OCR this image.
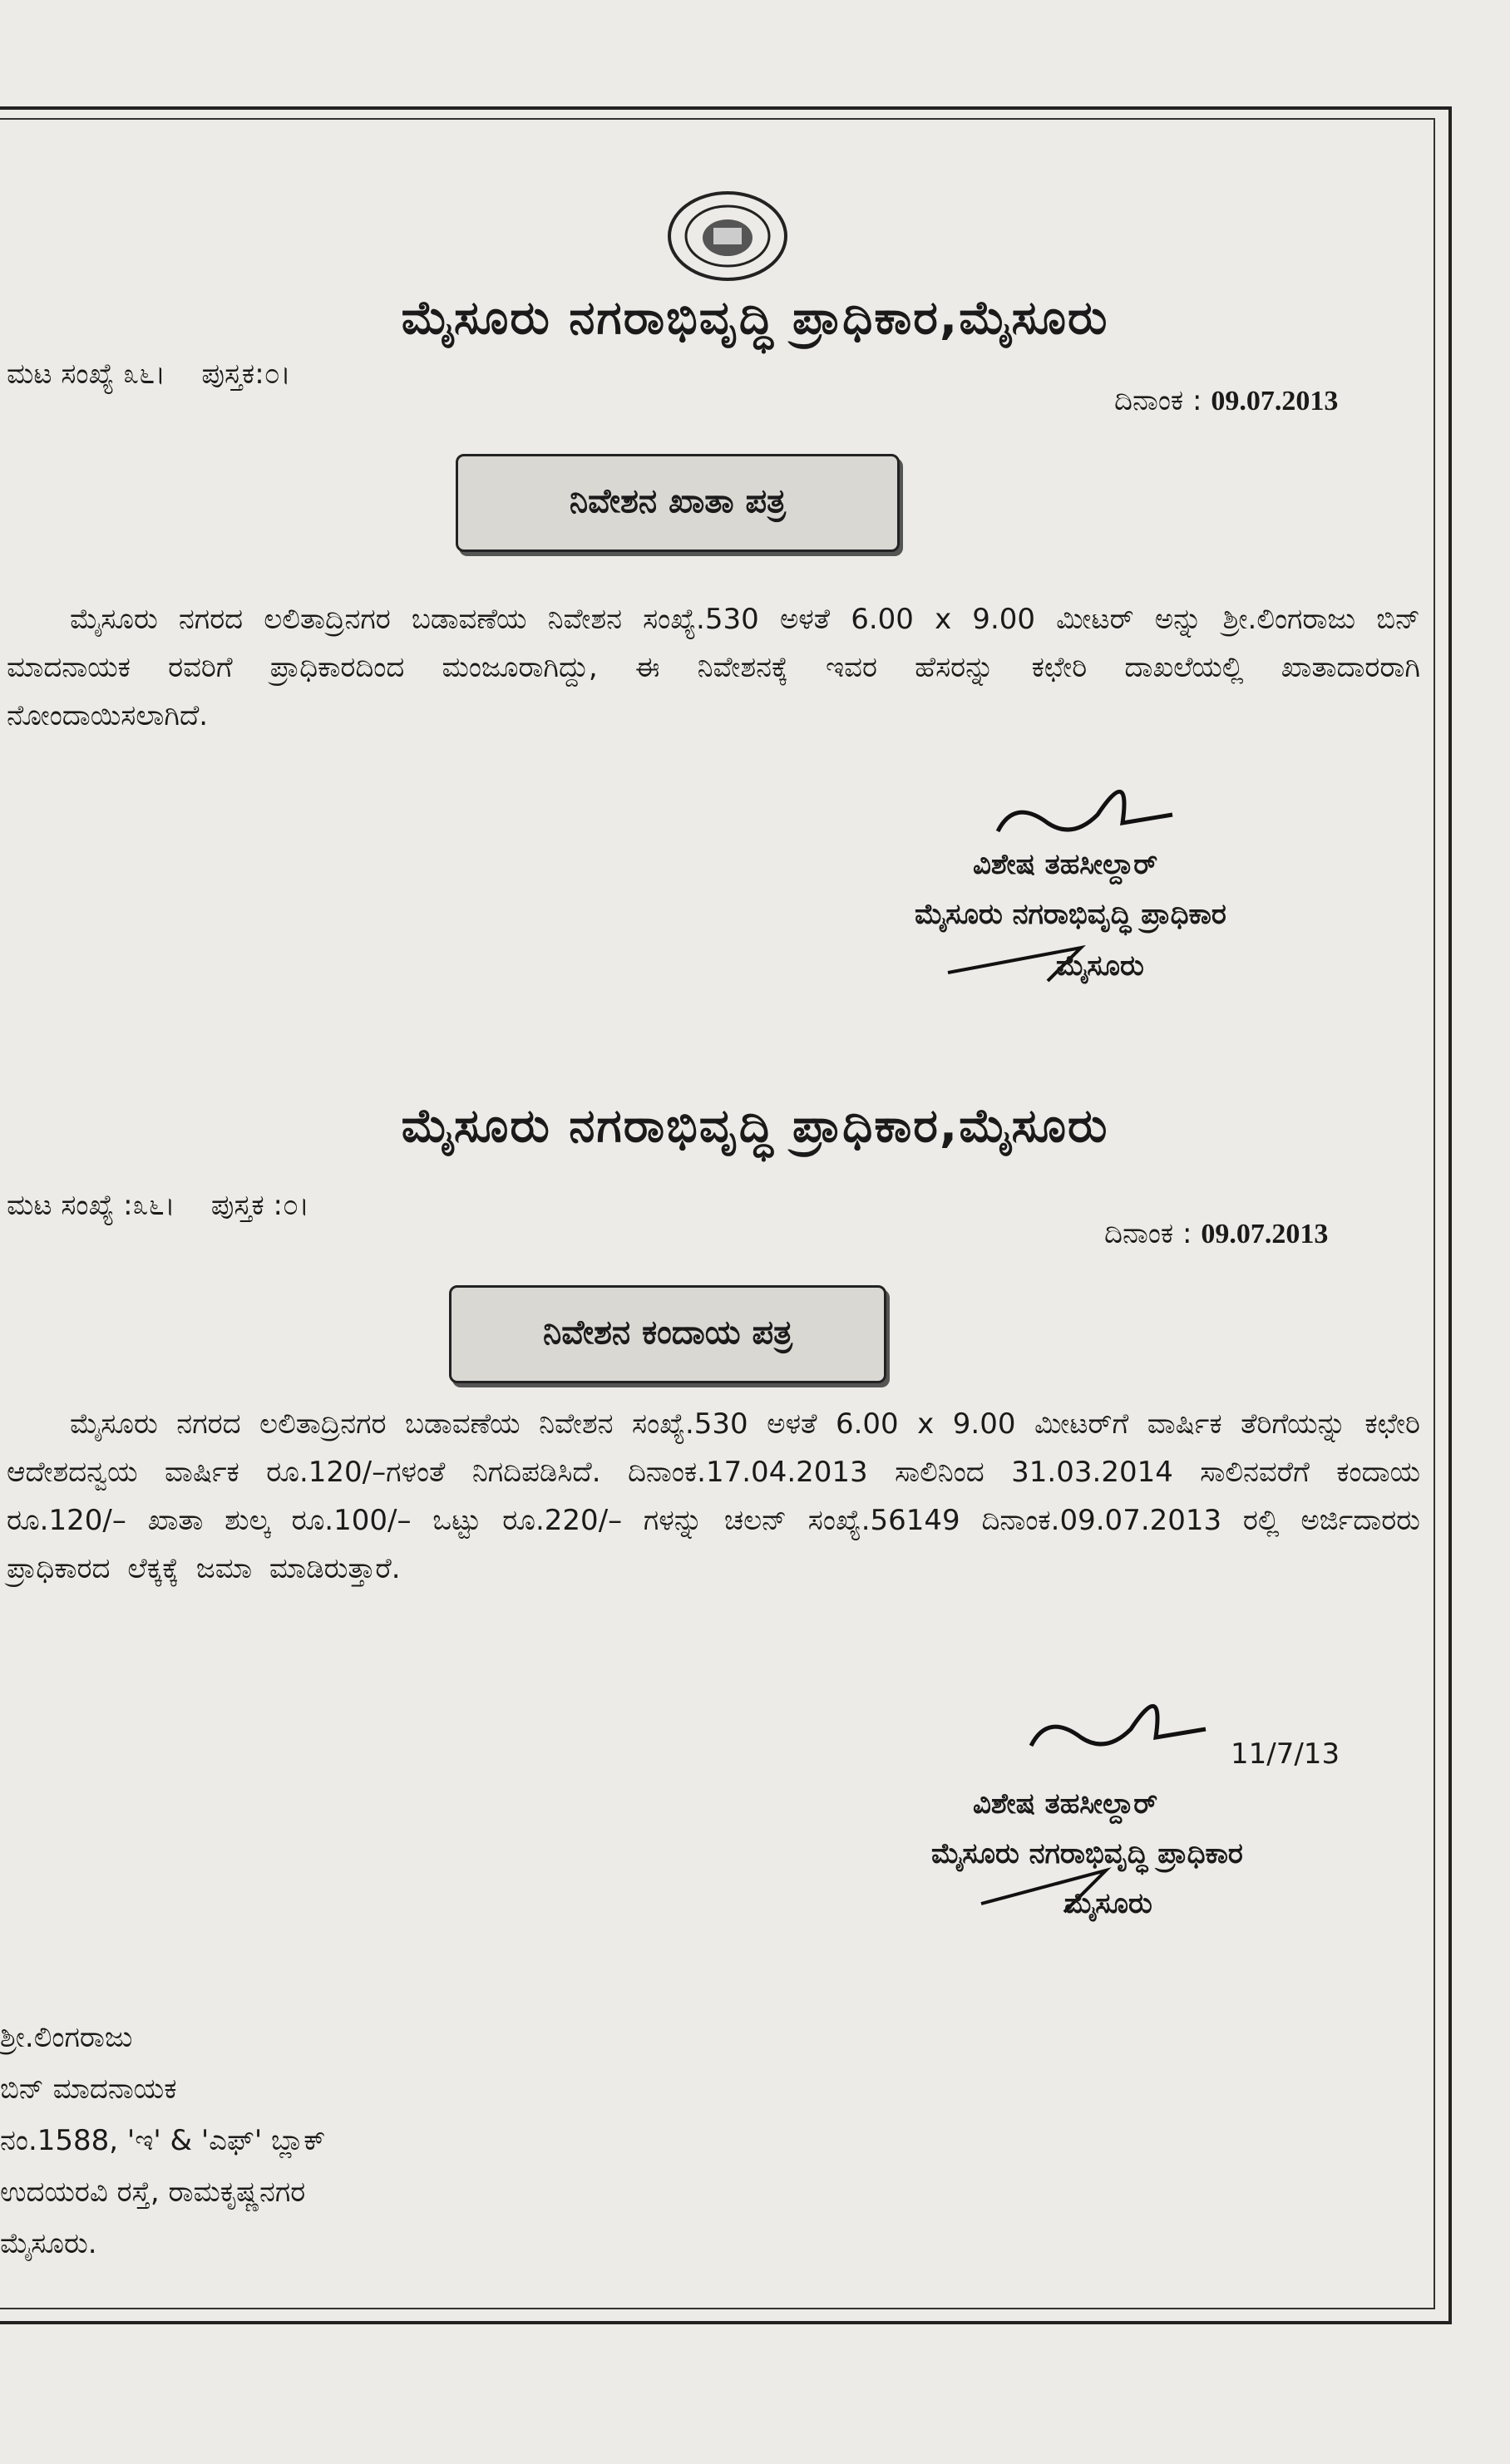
ಮೈಸೂರು ನಗರಾಭಿವೃದ್ಧಿ ಪ್ರಾಧಿಕಾರ,ಮೈಸೂರು
ಮಟ ಸಂಖ್ಯೆ ೩೬। ಪುಸ್ತಕ:೦।
ದಿನಾಂಕ : 09.07.2013
ನಿವೇಶನ ಖಾತಾ ಪತ್ರ
ಮೈಸೂರು ನಗರದ ಲಲಿತಾದ್ರಿನಗರ ಬಡಾವಣೆಯ ನಿವೇಶನ ಸಂಖ್ಯೆ.530 ಅಳತೆ 6.00 x 9.00 ಮೀಟರ್ ಅನ್ನು ಶ್ರೀ.ಲಿಂಗರಾಜು ಬಿನ್ ಮಾದನಾಯಕ ರವರಿಗೆ ಪ್ರಾಧಿಕಾರದಿಂದ ಮಂಜೂರಾಗಿದ್ದು, ಈ ನಿವೇಶನಕ್ಕೆ ಇವರ ಹೆಸರನ್ನು ಕಛೇರಿ ದಾಖಲೆಯಲ್ಲಿ ಖಾತಾದಾರರಾಗಿ ನೋಂದಾಯಿಸಲಾಗಿದೆ.
ವಿಶೇಷ ತಹಸೀಲ್ದಾರ್
ಮೈಸೂರು ನಗರಾಭಿವೃದ್ಧಿ ಪ್ರಾಧಿಕಾರ
ಮೈಸೂರು
ಮೈಸೂರು ನಗರಾಭಿವೃದ್ಧಿ ಪ್ರಾಧಿಕಾರ,ಮೈಸೂರು
ಮಟ ಸಂಖ್ಯೆ :೩೬। ಪುಸ್ತಕ :೦।
ದಿನಾಂಕ : 09.07.2013
ನಿವೇಶನ ಕಂದಾಯ ಪತ್ರ
ಮೈಸೂರು ನಗರದ ಲಲಿತಾದ್ರಿನಗರ ಬಡಾವಣೆಯ ನಿವೇಶನ ಸಂಖ್ಯೆ.530 ಅಳತೆ 6.00 x 9.00 ಮೀಟರ್‌ಗೆ ವಾರ್ಷಿಕ ತೆರಿಗೆಯನ್ನು ಕಛೇರಿ ಆದೇಶದನ್ವಯ ವಾರ್ಷಿಕ ರೂ.120/–ಗಳಂತೆ ನಿಗದಿಪಡಿಸಿದೆ. ದಿನಾಂಕ.17.04.2013 ಸಾಲಿನಿಂದ 31.03.2014 ಸಾಲಿನವರೆಗೆ ಕಂದಾಯ ರೂ.120/– ಖಾತಾ ಶುಲ್ಕ ರೂ.100/– ಒಟ್ಟು ರೂ.220/– ಗಳನ್ನು ಚಲನ್ ಸಂಖ್ಯೆ.56149 ದಿನಾಂಕ.09.07.2013 ರಲ್ಲಿ ಅರ್ಜಿದಾರರು ಪ್ರಾಧಿಕಾರದ ಲೆಕ್ಕಕ್ಕೆ ಜಮಾ ಮಾಡಿರುತ್ತಾರೆ.
11/7/13
ವಿಶೇಷ ತಹಸೀಲ್ದಾರ್
ಮೈಸೂರು ನಗರಾಭಿವೃದ್ಧಿ ಪ್ರಾಧಿಕಾರ
ಮೈಸೂರು
ಶ್ರೀ.ಲಿಂಗರಾಜು
ಬಿನ್ ಮಾದನಾಯಕ
ನಂ.1588, 'ಇ' & 'ಎಫ್' ಬ್ಲಾಕ್
ಉದಯರವಿ ರಸ್ತೆ, ರಾಮಕೃಷ್ಣನಗರ
ಮೈಸೂರು.
